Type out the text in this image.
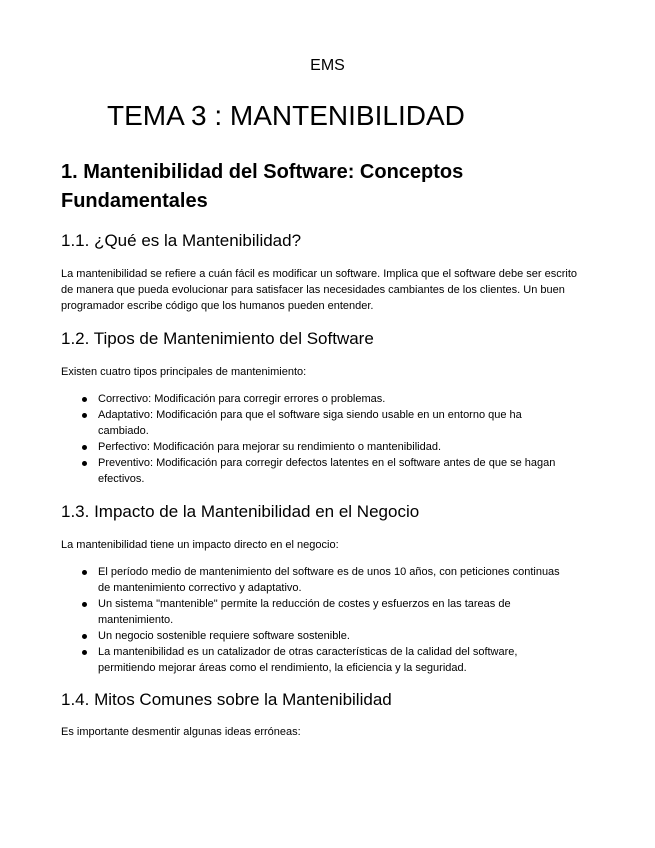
EMS
TEMA 3 : MANTENIBILIDAD
1. Mantenibilidad del Software: Conceptos Fundamentales
1.1. ¿Qué es la Mantenibilidad?

La mantenibilidad se refiere a cuán fácil es modificar un software. Implica que el software debe ser escrito de manera que pueda evolucionar para satisfacer las necesidades cambiantes de los clientes. Un buen programador escribe código que los humanos pueden entender.

1.2. Tipos de Mantenimiento del Software

Existen cuatro tipos principales de mantenimiento:

Correctivo: Modificación para corregir errores o problemas.
Adaptativo: Modificación para que el software siga siendo usable en un entorno que ha cambiado.
Perfectivo: Modificación para mejorar su rendimiento o mantenibilidad.
Preventivo: Modificación para corregir defectos latentes en el software antes de que se hagan efectivos.
1.3. Impacto de la Mantenibilidad en el Negocio

La mantenibilidad tiene un impacto directo en el negocio:

El período medio de mantenimiento del software es de unos 10 años, con peticiones continuas de mantenimiento correctivo y adaptativo.
Un sistema "mantenible" permite la reducción de costes y esfuerzos en las tareas de mantenimiento.
Un negocio sostenible requiere software sostenible.
La mantenibilidad es un catalizador de otras características de la calidad del software, permitiendo mejorar áreas como el rendimiento, la eficiencia y la seguridad.
1.4. Mitos Comunes sobre la Mantenibilidad

Es importante desmentir algunas ideas erróneas:
